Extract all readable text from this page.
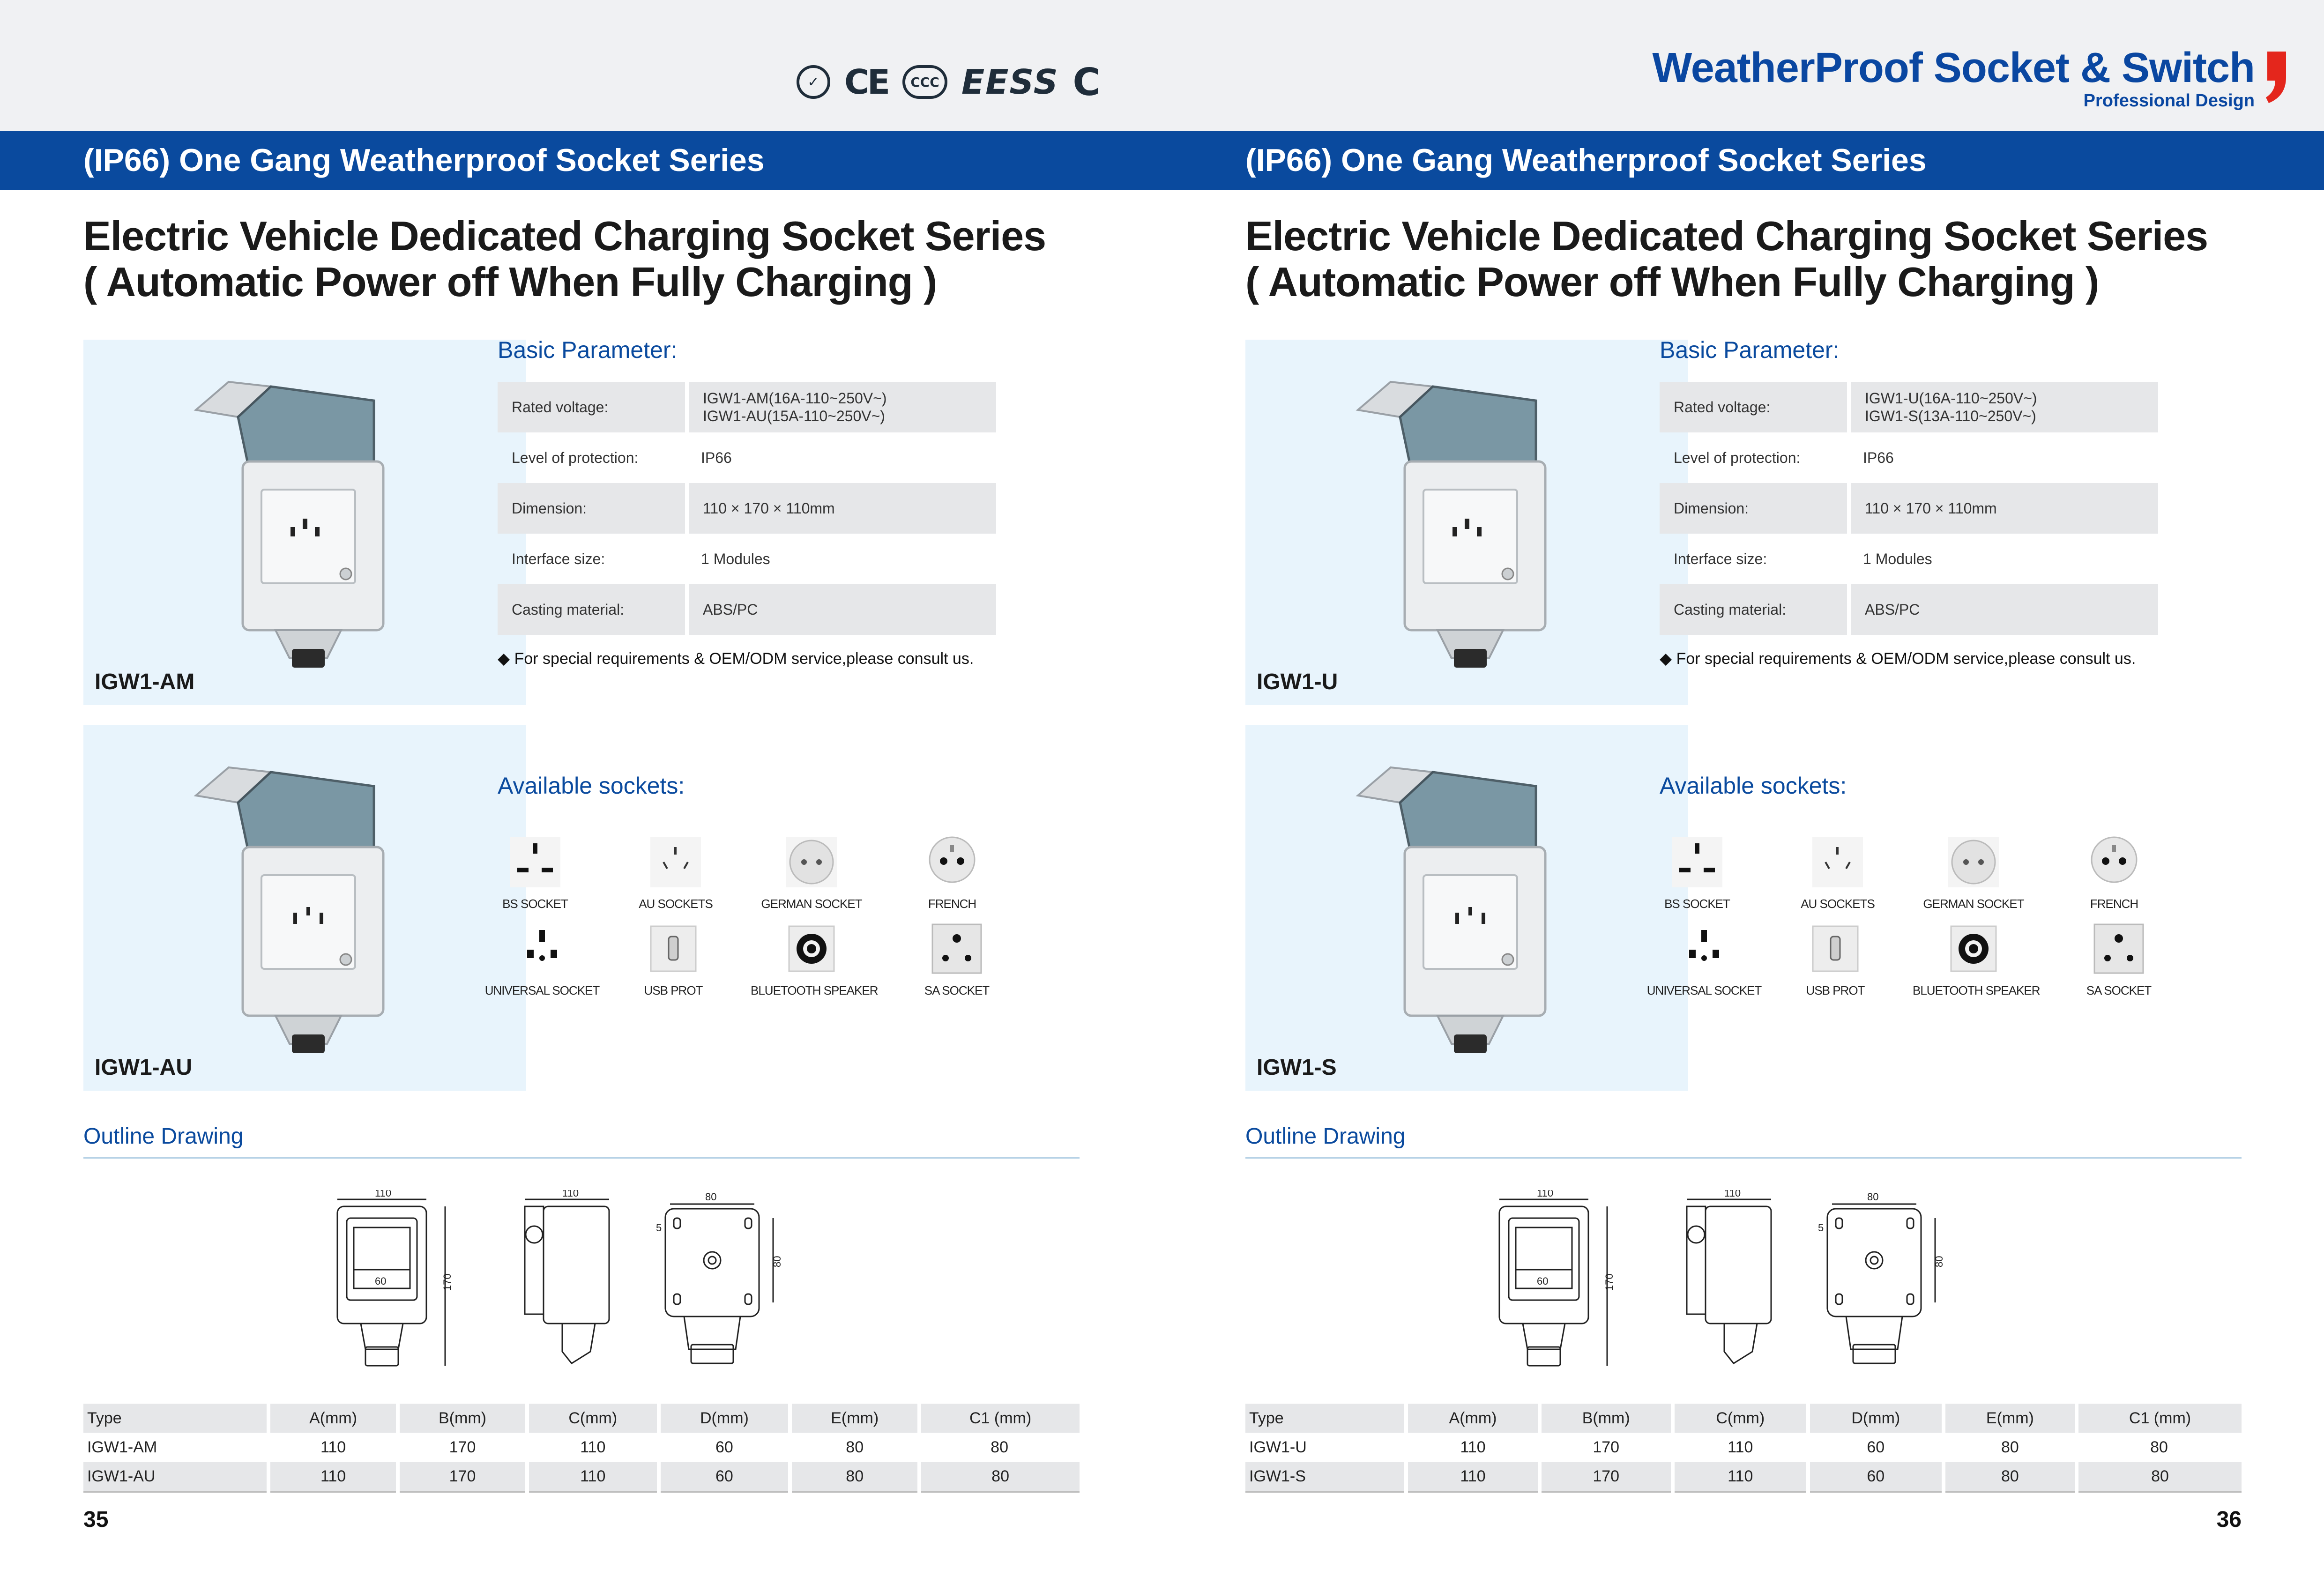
✓ CE	CCC EESS C	WeatherProof Socket & Switch
Professional Design
(IP66) One Gang Weatherproof Socket Series	(IP66) One Gang Weatherproof Socket Series
Electric Vehicle Dedicated Charging Socket Series
( Automatic Power off When Fully Charging )
IGW1-AM
IGW1-AU
Basic Parameter:
Rated voltage:	IGW1-AM(16A-110~250V~)
IGW1-AU(15A-110~250V~)

Level of protection:	IP66
Dimension:	110 × 170 × 110mm
Interface size:	1 Modules
Casting material:	ABS/PC
◆ For special requirements & OEM/ODM service,please consult us.
Available sockets:
BS SOCKET	AU SOCKETS	GERMAN SOCKET	FRENCH
UNIVERSAL SOCKET	USB PROT	BLUETOOTH SPEAKER	SA SOCKET
Outline Drawing
110
60	170
110	80
5
80
Type	A(mm)	B(mm)	C(mm)	D(mm)	E(mm)	C1 (mm)
IGW1-AM	110	170	110	60	80	80
IGW1-AU	110	170	110	60	80	80
35
Electric Vehicle Dedicated Charging Socket Series
( Automatic Power off When Fully Charging )
IGW1-U
IGW1-S
Basic Parameter:
Rated voltage:	IGW1-U(16A-110~250V~)
IGW1-S(13A-110~250V~)

Level of protection:	IP66
Dimension:	110 × 170 × 110mm
Interface size:	1 Modules
Casting material:	ABS/PC
◆ For special requirements & OEM/ODM service,please consult us.
Available sockets:
BS SOCKET	AU SOCKETS	GERMAN SOCKET	FRENCH
UNIVERSAL SOCKET	USB PROT	BLUETOOTH SPEAKER	SA SOCKET
Outline Drawing
110
60	170
110	80
5
80
Type	A(mm)	B(mm)	C(mm)	D(mm)	E(mm)	C1 (mm)
IGW1-U	110	170	110	60	80	80
IGW1-S	110	170	110	60	80	80
36
